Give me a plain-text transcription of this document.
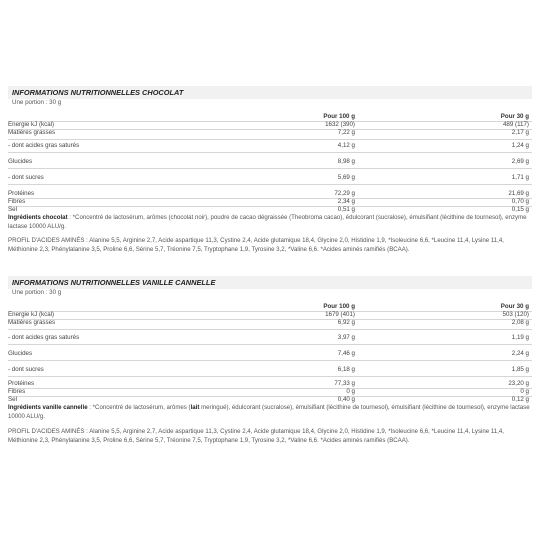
INFORMATIONS NUTRITIONNELLES CHOCOLAT
Une portion : 30 g
Pour 100 g	Pour 30 g
Energie kJ (kcal)	1632 (390)	489 (117)
Matières grasses	7,22 g	2,17 g
- dont acides gras saturés	4,12 g	1,24 g
Glucides	8,98 g	2,69 g
- dont sucres	5,69 g	1,71 g
Protéines	72,29 g	21,69 g
Fibres	2,34 g	0,70 g
Sel	0,51 g	0,15 g
Ingrédients chocolat : *Concentré de lactosérum, arômes (chocolat noir), poudre de cacao dégraissée (Theobroma cacao), édulcorant (sucralose), émulsifiant (lécithine de tournesol), enzyme lactase 10000 ALU/g.
PROFIL D'ACIDES AMINÉS : Alanine 5,5, Arginine 2,7, Acide aspartique 11,3, Cystine 2,4, Acide glutamique 18,4, Glycine 2,0, Histidine 1,9, *Isoleucine 6,6, *Leucine 11,4, Lysine 11,4, Méthionine 2,3, Phénylalanine 3,5, Proline 6,6, Sérine 5,7, Tréonine 7,5, Tryptophane 1,9, Tyrosine 3,2, *Valine 6,6. *Acides aminés ramifiés (BCAA).
INFORMATIONS NUTRITIONNELLES VANILLE CANNELLE
Une portion : 30 g
Pour 100 g	Pour 30 g
Energie kJ (kcal)	1679 (401)	503 (120)
Matières grasses	6,92 g	2,08 g
- dont acides gras saturés	3,97 g	1,19 g
Glucides	7,46 g	2,24 g
- dont sucres	6,18 g	1,85 g
Protéines	77,33 g	23,20 g
Fibres	0 g	0 g
Sel	0,40 g	0,12 g
Ingrédients vanille cannelle : *Concentré de lactosérum, arômes (lait meringué), édulcorant (sucralose), émulsifiant (lécithine de tournesol), émulsifiant (lécithine de tournesol), enzyme lactase 10000 ALU/g.
PROFIL D'ACIDES AMINÉS : Alanine 5,5, Arginine 2,7, Acide aspartique 11,3, Cystine 2,4, Acide glutamique 18,4, Glycine 2,0, Histidine 1,9, *Isoleucine 6,6, *Leucine 11,4, Lysine 11,4, Méthionine 2,3, Phénylalanine 3,5, Proline 6,6, Sérine 5,7, Tréonine 7,5, Tryptophane 1,9, Tyrosine 3,2, *Valine 6,6. *Acides aminés ramifiés (BCAA).
